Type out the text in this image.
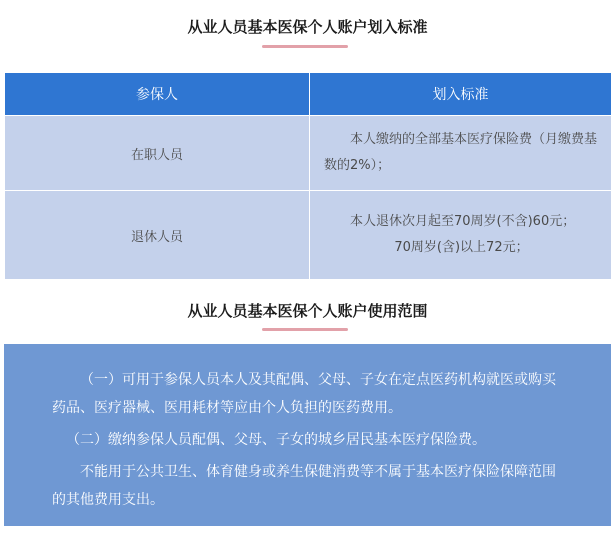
从业人员基本医保个人账户划入标准
参保人	划入标准
在职人员	本人缴纳的全部基本医疗保险费（月缴费基数的2%）；

退休人员	本人退休次月起至70周岁(不含)60元；
70周岁(含)以上72元；
从业人员基本医保个人账户使用范围

（一）可用于参保人员本人及其配偶、父母、子女在定点医药机构就医或购买药品、医疗器械、医用耗材等应由个人负担的医药费用。

（二）缴纳参保人员配偶、父母、子女的城乡居民基本医疗保险费。

不能用于公共卫生、体育健身或养生保健消费等不属于基本医疗保险保障范围的其他费用支出。
